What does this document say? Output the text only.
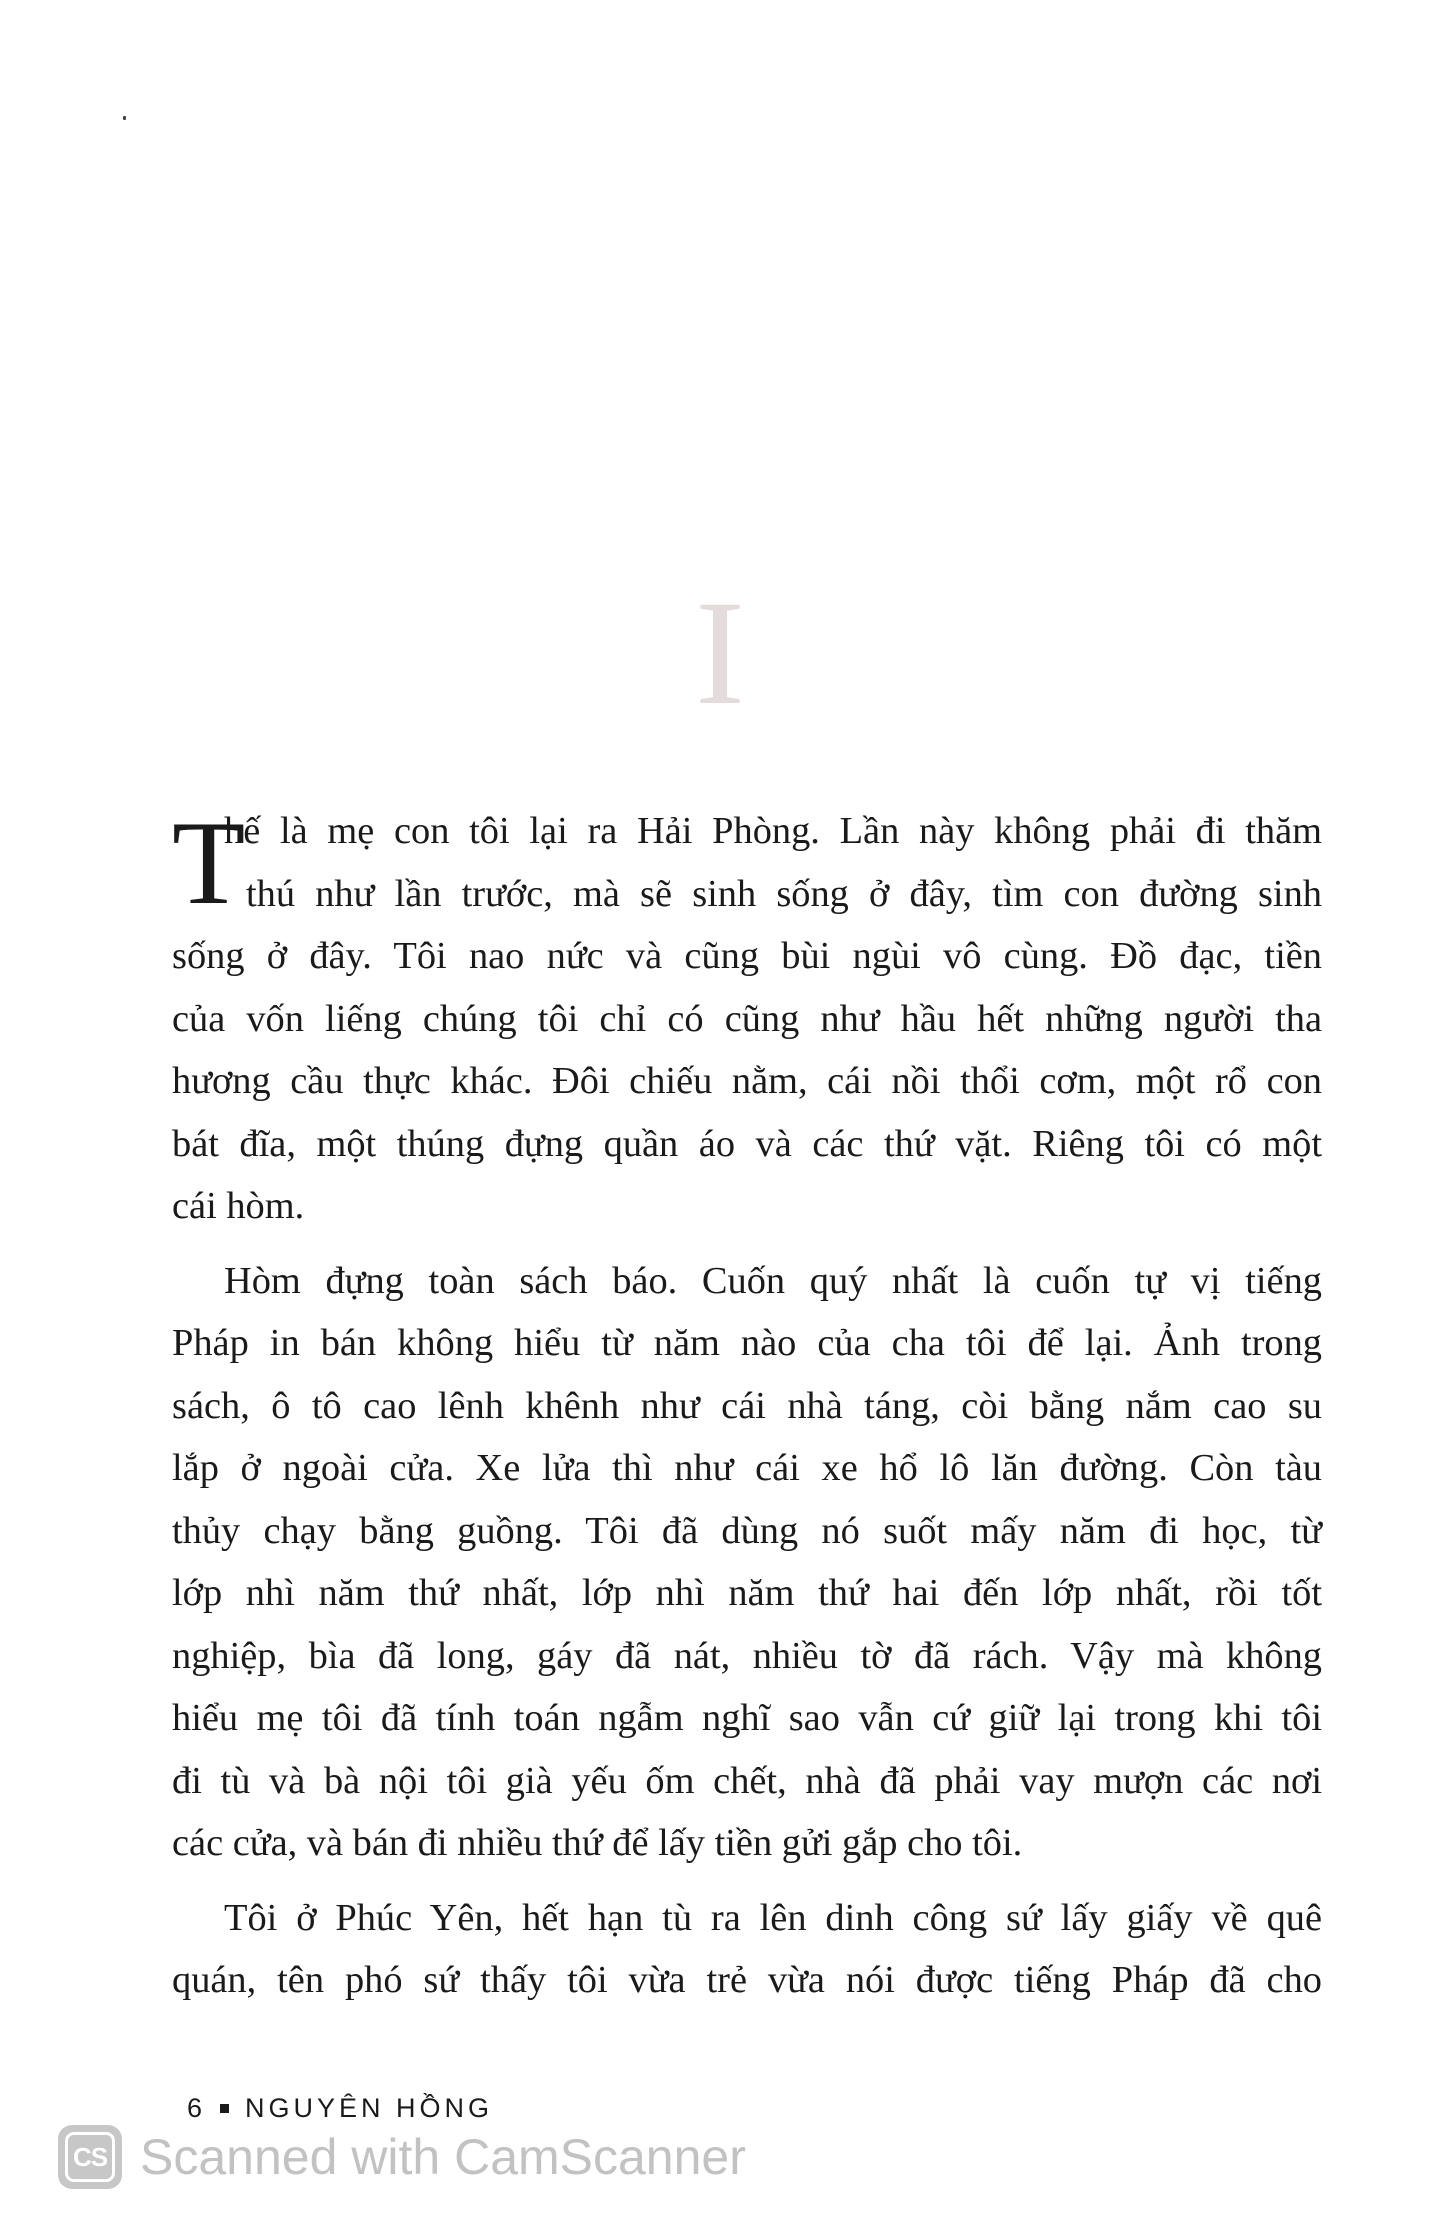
I
T
hế là mẹ con tôi lại ra Hải Phòng. Lần này không phải đi thăm
thú như lần trước, mà sẽ sinh sống ở đây, tìm con đường sinh
sống ở đây. Tôi nao nức và cũng bùi ngùi vô cùng. Đồ đạc, tiền
của vốn liếng chúng tôi chỉ có cũng như hầu hết những người tha
hương cầu thực khác. Đôi chiếu nằm, cái nồi thổi cơm, một rổ con
bát đĩa, một thúng đựng quần áo và các thứ vặt. Riêng tôi có một
cái hòm.
Hòm đựng toàn sách báo. Cuốn quý nhất là cuốn tự vị tiếng
Pháp in bán không hiểu từ năm nào của cha tôi để lại. Ảnh trong
sách, ô tô cao lênh khênh như cái nhà táng, còi bằng nắm cao su
lắp ở ngoài cửa. Xe lửa thì như cái xe hổ lô lăn đường. Còn tàu
thủy chạy bằng guồng. Tôi đã dùng nó suốt mấy năm đi học, từ
lớp nhì năm thứ nhất, lớp nhì năm thứ hai đến lớp nhất, rồi tốt
nghiệp, bìa đã long, gáy đã nát, nhiều tờ đã rách. Vậy mà không
hiểu mẹ tôi đã tính toán ngẫm nghĩ sao vẫn cứ giữ lại trong khi tôi
đi tù và bà nội tôi già yếu ốm chết, nhà đã phải vay mượn các nơi
các cửa, và bán đi nhiều thứ để lấy tiền gửi gắp cho tôi.
Tôi ở Phúc Yên, hết hạn tù ra lên dinh công sứ lấy giấy về quê
quán, tên phó sứ thấy tôi vừa trẻ vừa nói được tiếng Pháp đã cho
6 NGUYÊN HỒNG
CS Scanned with CamScanner
